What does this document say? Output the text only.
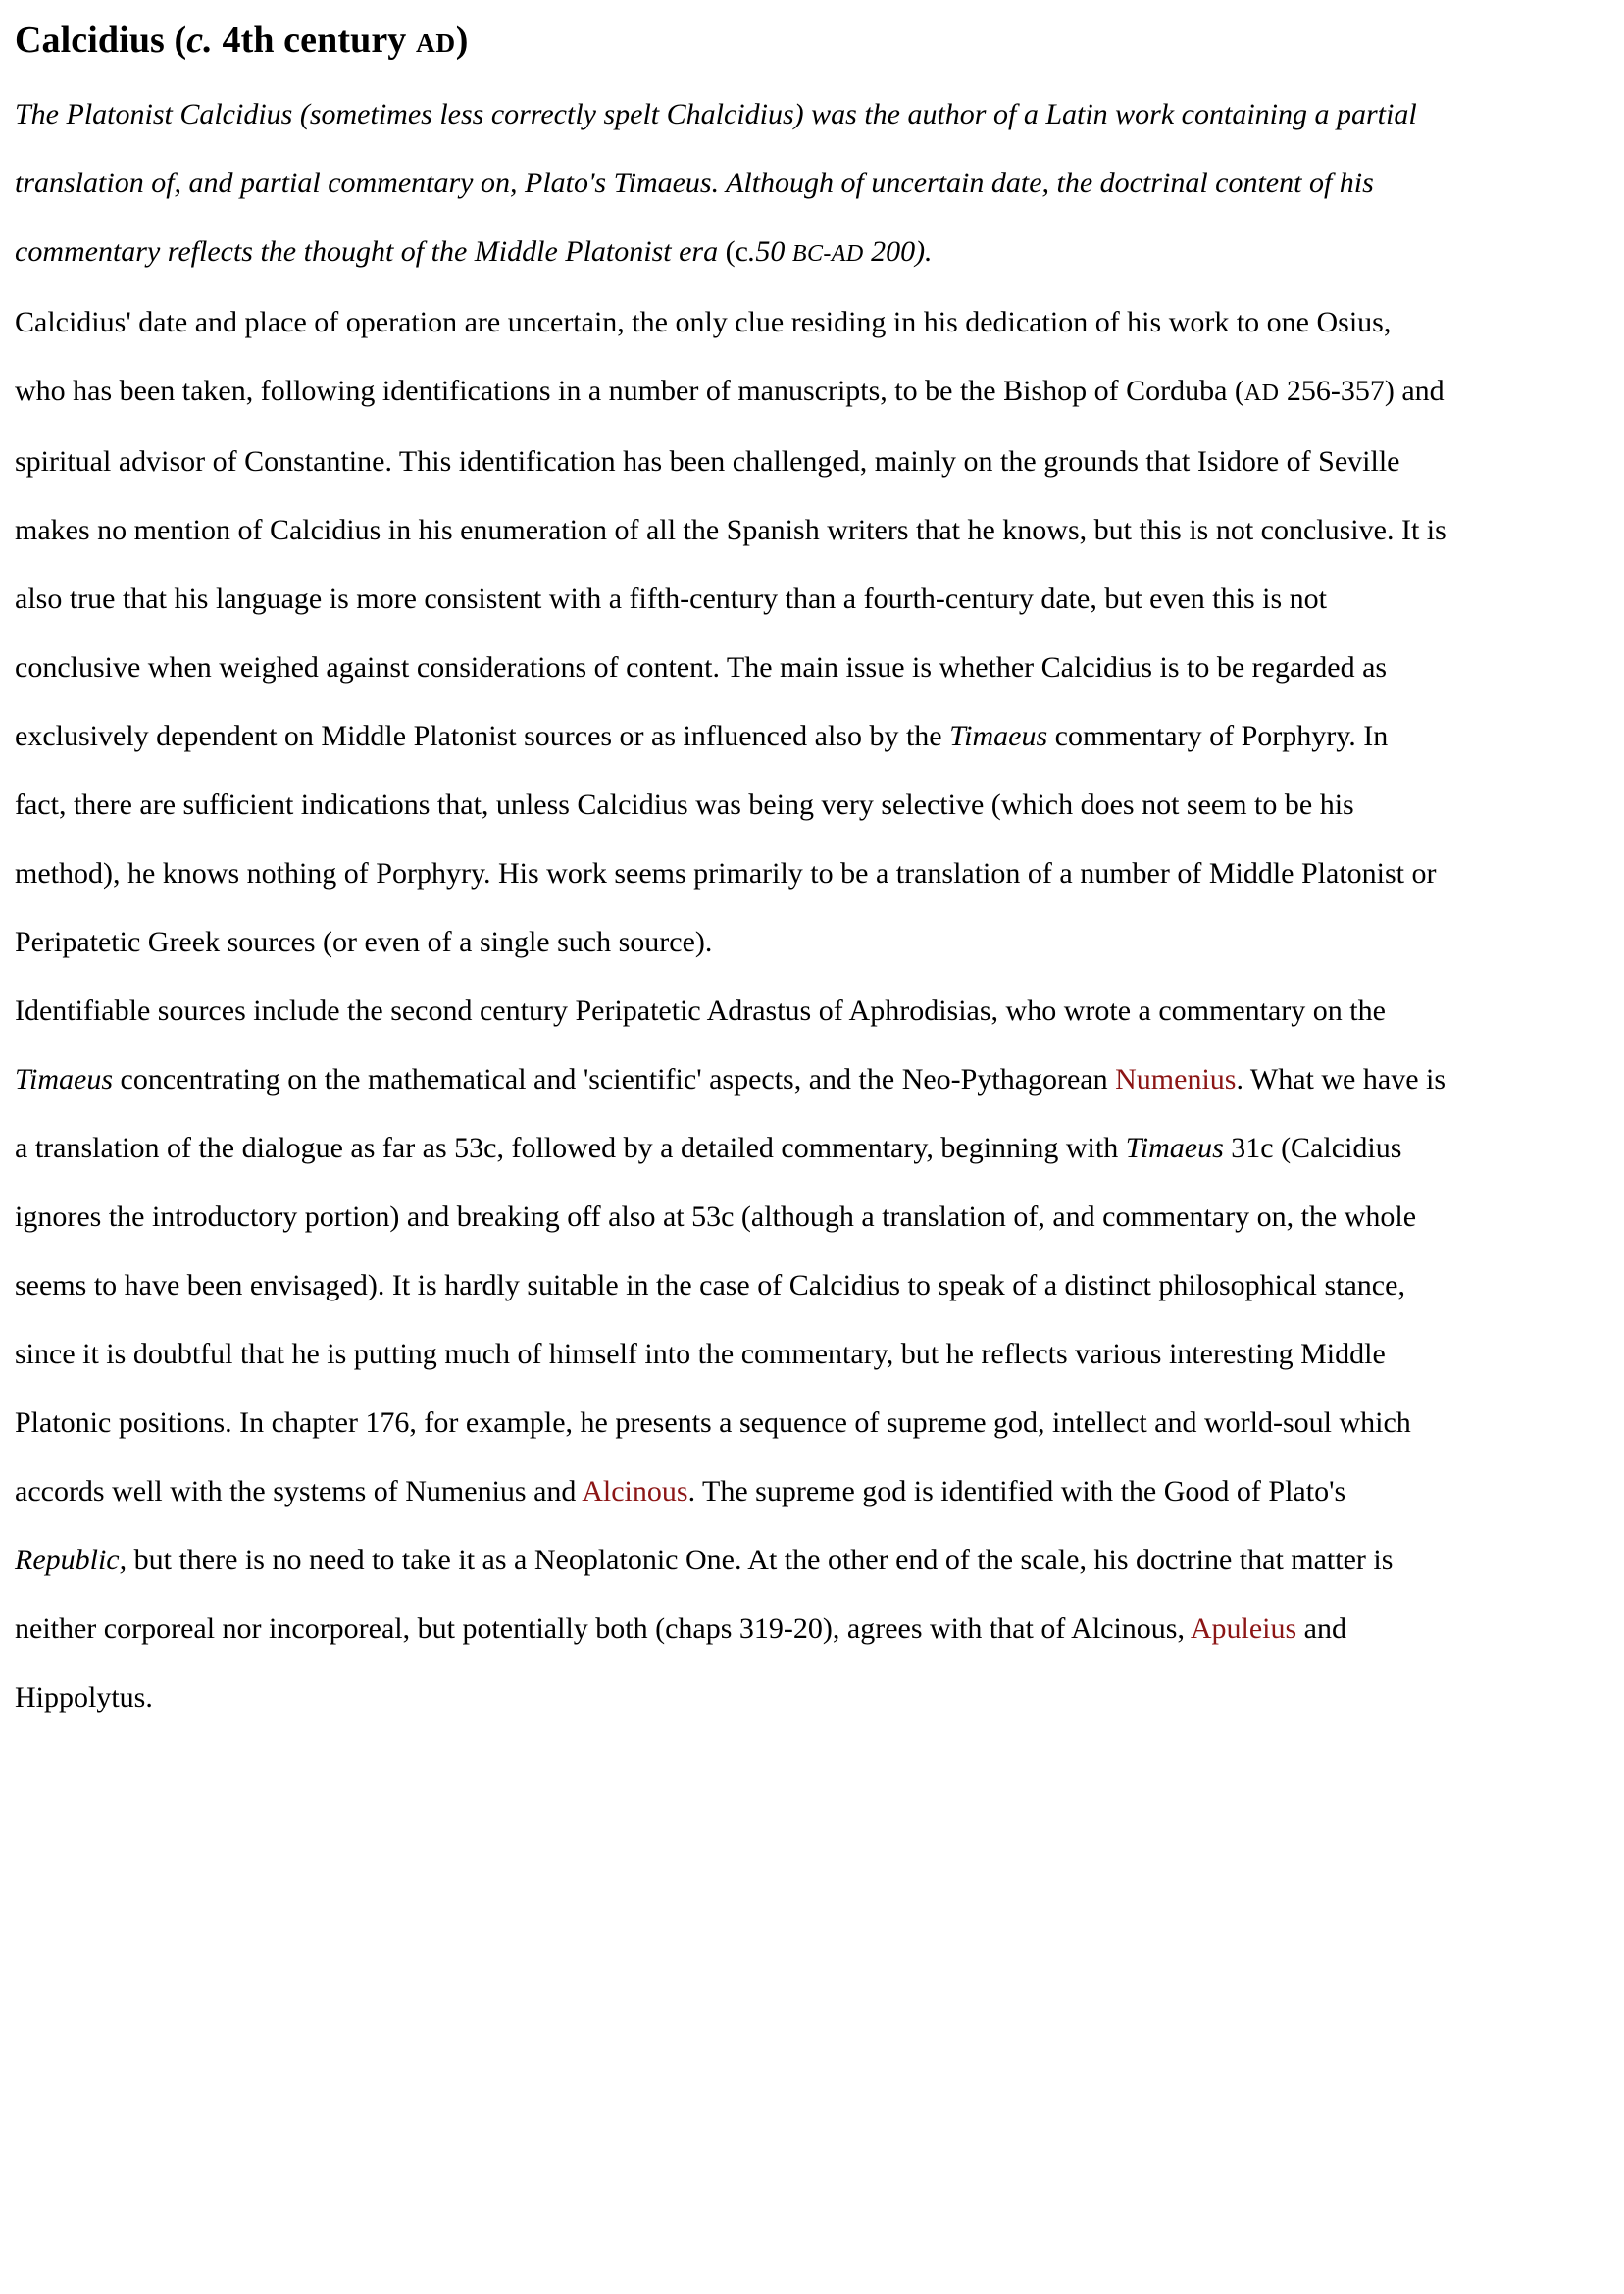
Calcidius (c. 4th century AD)

The Platonist Calcidius (sometimes less correctly spelt Chalcidius) was the author of a Latin work containing a partial translation of, and partial commentary on, Plato's Timaeus. Although of uncertain date, the doctrinal content of his commentary reflects the thought of the Middle Platonist era (c.50 BC-AD 200).

Calcidius' date and place of operation are uncertain, the only clue residing in his dedication of his work to one Osius, who has been taken, following identifications in a number of manuscripts, to be the Bishop of Corduba (AD 256-357) and spiritual advisor of Constantine. This identification has been challenged, mainly on the grounds that Isidore of Seville makes no mention of Calcidius in his enumeration of all the Spanish writers that he knows, but this is not conclusive. It is also true that his language is more consistent with a fifth-century than a fourth-century date, but even this is not conclusive when weighed against considerations of content. The main issue is whether Calcidius is to be regarded as exclusively dependent on Middle Platonist sources or as influenced also by the Timaeus commentary of Porphyry. In fact, there are sufficient indications that, unless Calcidius was being very selective (which does not seem to be his method), he knows nothing of Porphyry. His work seems primarily to be a translation of a number of Middle Platonist or Peripatetic Greek sources (or even of a single such source).

Identifiable sources include the second century Peripatetic Adrastus of Aphrodisias, who wrote a commentary on the Timaeus concentrating on the mathematical and 'scientific' aspects, and the Neo-Pythagorean Numenius. What we have is a translation of the dialogue as far as 53c, followed by a detailed commentary, beginning with Timaeus 31c (Calcidius ignores the introductory portion) and breaking off also at 53c (although a translation of, and commentary on, the whole seems to have been envisaged). It is hardly suitable in the case of Calcidius to speak of a distinct philosophical stance, since it is doubtful that he is putting much of himself into the commentary, but he reflects various interesting Middle Platonic positions. In chapter 176, for example, he presents a sequence of supreme god, intellect and world-soul which accords well with the systems of Numenius and Alcinous. The supreme god is identified with the Good of Plato's Republic, but there is no need to take it as a Neoplatonic One. At the other end of the scale, his doctrine that matter is neither corporeal nor incorporeal, but potentially both (chaps 319-20), agrees with that of Alcinous, Apuleius and Hippolytus.
